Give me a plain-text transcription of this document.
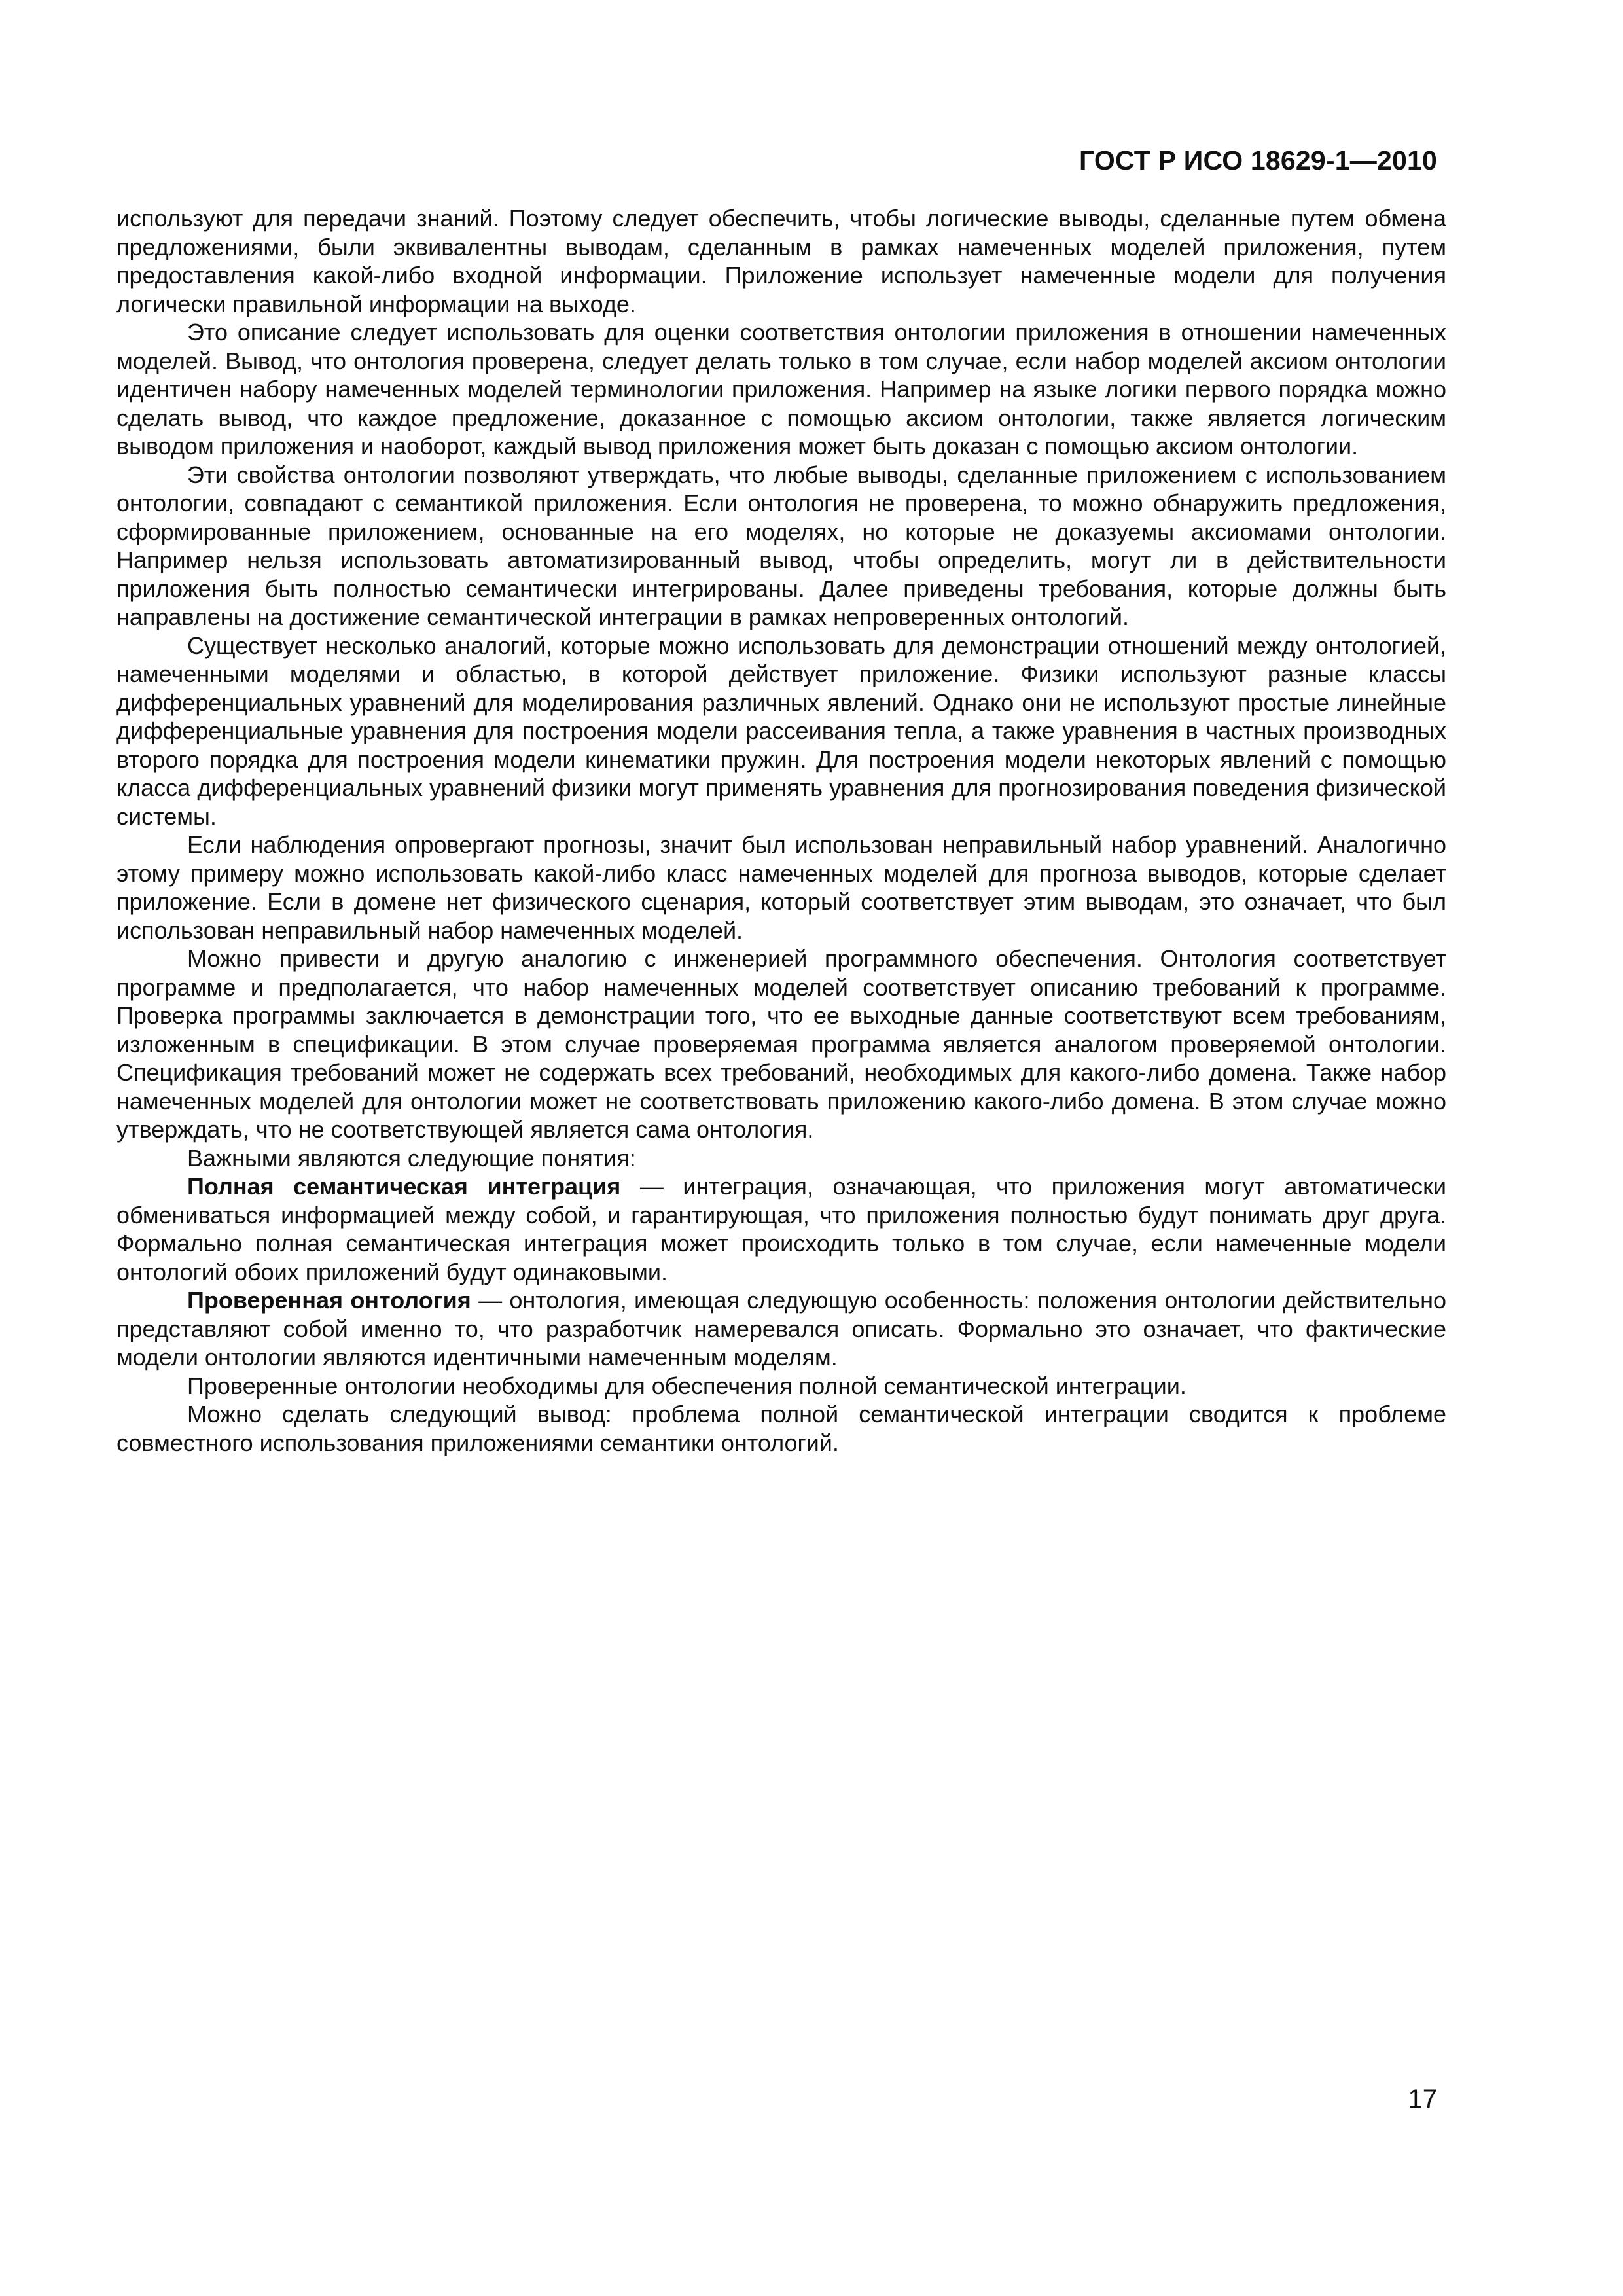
ГОСТ Р ИСО 18629-1—2010

используют для передачи знаний. Поэтому следует обеспечить, чтобы логические выводы, сделанные путем обмена предложениями, были эквивалентны выводам, сделанным в рамках намеченных моделей приложения, путем предоставления какой-либо входной информации. Приложение использует намеченные модели для получения логически правильной информации на выходе.

Это описание следует использовать для оценки соответствия онтологии приложения в отношении намеченных моделей. Вывод, что онтология проверена, следует делать только в том случае, если набор моделей аксиом онтологии идентичен набору намеченных моделей терминологии приложения. Например на языке логики первого порядка можно сделать вывод, что каждое предложение, доказанное с помощью аксиом онтологии, также является логическим выводом приложения и наоборот, каждый вывод приложения может быть доказан с помощью аксиом онтологии.

Эти свойства онтологии позволяют утверждать, что любые выводы, сделанные приложением с использованием онтологии, совпадают с семантикой приложения. Если онтология не проверена, то можно обнаружить предложения, сформированные приложением, основанные на его моделях, но которые не доказуемы аксиомами онтологии. Например нельзя использовать автоматизированный вывод, чтобы определить, могут ли в действительности приложения быть полностью семантически интегрированы. Далее приведены требования, которые должны быть направлены на достижение семантической интеграции в рамках непроверенных онтологий.

Существует несколько аналогий, которые можно использовать для демонстрации отношений между онтологией, намеченными моделями и областью, в которой действует приложение. Физики используют разные классы дифференциальных уравнений для моделирования различных явлений. Однако они не используют простые линейные дифференциальные уравнения для построения модели рассеивания тепла, а также уравнения в частных производных второго порядка для построения модели кинематики пружин. Для построения модели некоторых явлений с помощью класса дифференциальных уравнений физики могут применять уравнения для прогнозирования поведения физической системы.

Если наблюдения опровергают прогнозы, значит был использован неправильный набор уравнений. Аналогично этому примеру можно использовать какой-либо класс намеченных моделей для прогноза выводов, которые сделает приложение. Если в домене нет физического сценария, который соответствует этим выводам, это означает, что был использован неправильный набор намеченных моделей.

Можно привести и другую аналогию с инженерией программного обеспечения. Онтология соответствует программе и предполагается, что набор намеченных моделей соответствует описанию требований к программе. Проверка программы заключается в демонстрации того, что ее выходные данные соответствуют всем требованиям, изложенным в спецификации. В этом случае проверяемая программа является аналогом проверяемой онтологии. Спецификация требований может не содержать всех требований, необходимых для какого-либо домена. Также набор намеченных моделей для онтологии может не соответствовать приложению какого-либо домена. В этом случае можно утверждать, что не соответствующей является сама онтология.

Важными являются следующие понятия:

Полная семантическая интеграция — интеграция, означающая, что приложения могут автоматически обмениваться информацией между собой, и гарантирующая, что приложения полностью будут понимать друг друга. Формально полная семантическая интеграция может происходить только в том случае, если намеченные модели онтологий обоих приложений будут одинаковыми.

Проверенная онтология — онтология, имеющая следующую особенность: положения онтологии действительно представляют собой именно то, что разработчик намеревался описать. Формально это означает, что фактические модели онтологии являются идентичными намеченным моделям.

Проверенные онтологии необходимы для обеспечения полной семантической интеграции.

Можно сделать следующий вывод: проблема полной семантической интеграции сводится к проблеме совместного использования приложениями семантики онтологий.

17
